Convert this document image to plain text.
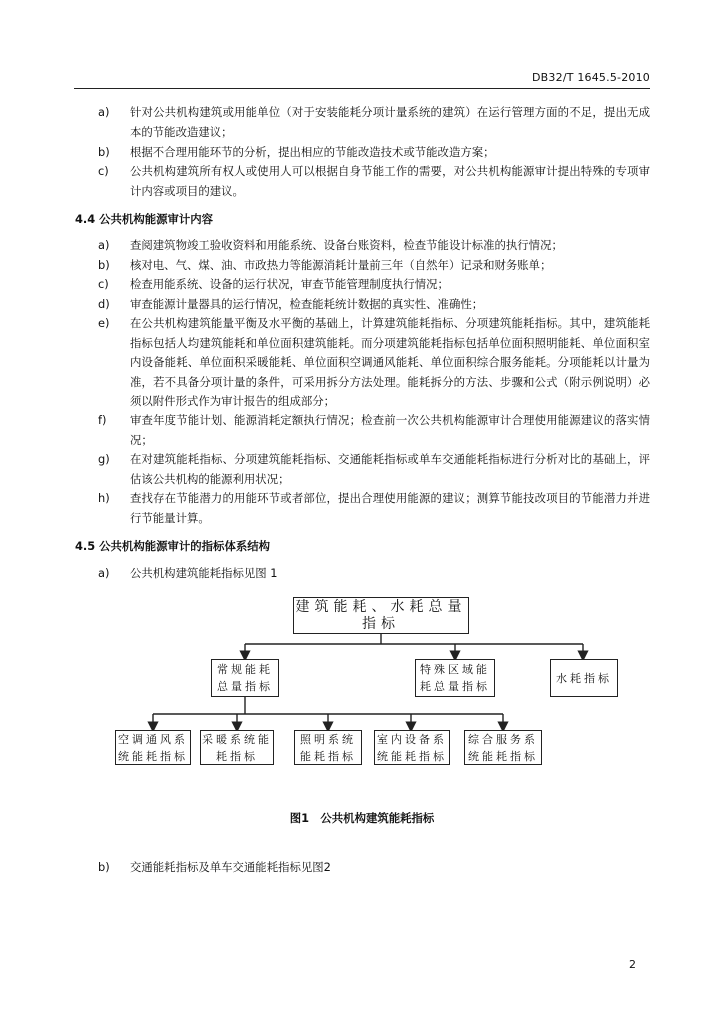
DB32/T 1645.5-2010
a)	针对公共机构建筑或用能单位（对于安装能耗分项计量系统的建筑）在运行管理方面的不足，提出无成本的节能改造建议；
b)	根据不合理用能环节的分析，提出相应的节能改造技术或节能改造方案；
c)	公共机构建筑所有权人或使用人可以根据自身节能工作的需要，对公共机构能源审计提出特殊的专项审计内容或项目的建议。
4.4 公共机构能源审计内容
a)	查阅建筑物竣工验收资料和用能系统、设备台账资料，检查节能设计标准的执行情况；
b)	核对电、气、煤、油、市政热力等能源消耗计量前三年（自然年）记录和财务账单；
c)	检查用能系统、设备的运行状况，审查节能管理制度执行情况；
d)	审查能源计量器具的运行情况，检查能耗统计数据的真实性、准确性；
e)	在公共机构建筑能量平衡及水平衡的基础上，计算建筑能耗指标、分项建筑能耗指标。其中，建筑能耗指标包括人均建筑能耗和单位面积建筑能耗。而分项建筑能耗指标包括单位面积照明能耗、单位面积室内设备能耗、单位面积采暖能耗、单位面积空调通风能耗、单位面积综合服务能耗。分项能耗以计量为准，若不具备分项计量的条件，可采用拆分方法处理。能耗拆分的方法、步骤和公式（附示例说明）必须以附件形式作为审计报告的组成部分；
f)	审查年度节能计划、能源消耗定额执行情况；检查前一次公共机构能源审计合理使用能源建议的落实情况；
g)	在对建筑能耗指标、分项建筑能耗指标、交通能耗指标或单车交通能耗指标进行分析对比的基础上，评估该公共机构的能源利用状况；
h)	查找存在节能潜力的用能环节或者部位，提出合理使用能源的建议；测算节能技改项目的节能潜力并进行节能量计算。
4.5 公共机构能源审计的指标体系结构
a)	公共机构建筑能耗指标见图 1
建筑能耗、水耗总量指标
常规能耗
总量指标
特殊区域能
耗总量指标
水耗指标
空调通风系
统能耗指标
采暖系统能
耗指标
照明系统
能耗指标
室内设备系
统能耗指标
综合服务系
统能耗指标
图1　公共机构建筑能耗指标
b)	交通能耗指标及单车交通能耗指标见图2
2
